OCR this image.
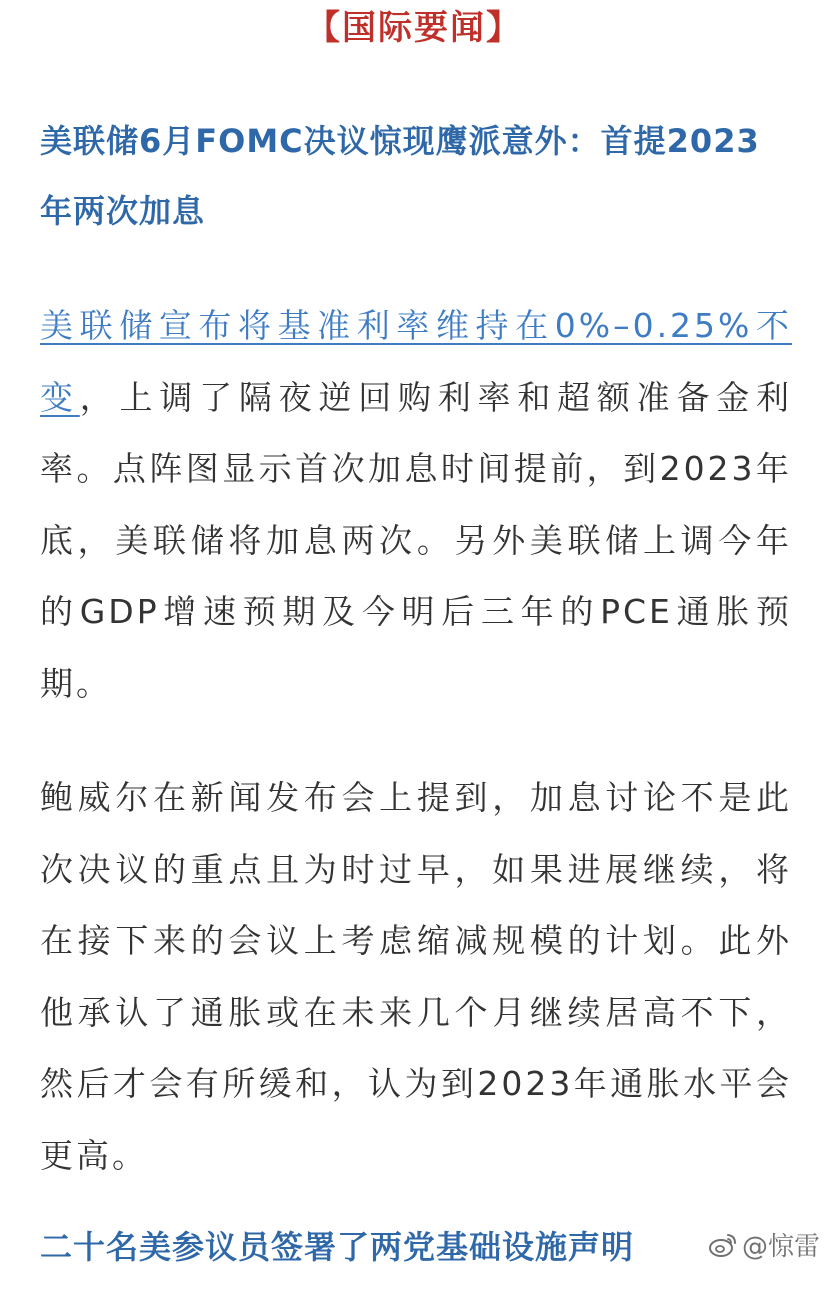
【国际要闻】
美联储6月FOMC决议惊现鹰派意外：首提2023年两次加息

美联储宣布将基准利率维持在0%–0.25%不变，上调了隔夜逆回购利率和超额准备金利率。点阵图显示首次加息时间提前，到2023年底，美联储将加息两次。另外美联储上调今年的GDP增速预期及今明后三年的PCE通胀预期。

鲍威尔在新闻发布会上提到，加息讨论不是此次决议的重点且为时过早，如果进展继续，将在接下来的会议上考虑缩减规模的计划。此外他承认了通胀或在未来几个月继续居高不下，然后才会有所缓和，认为到2023年通胀水平会更高。

二十名美参议员签署了两党基础设施声明	@惊雷
